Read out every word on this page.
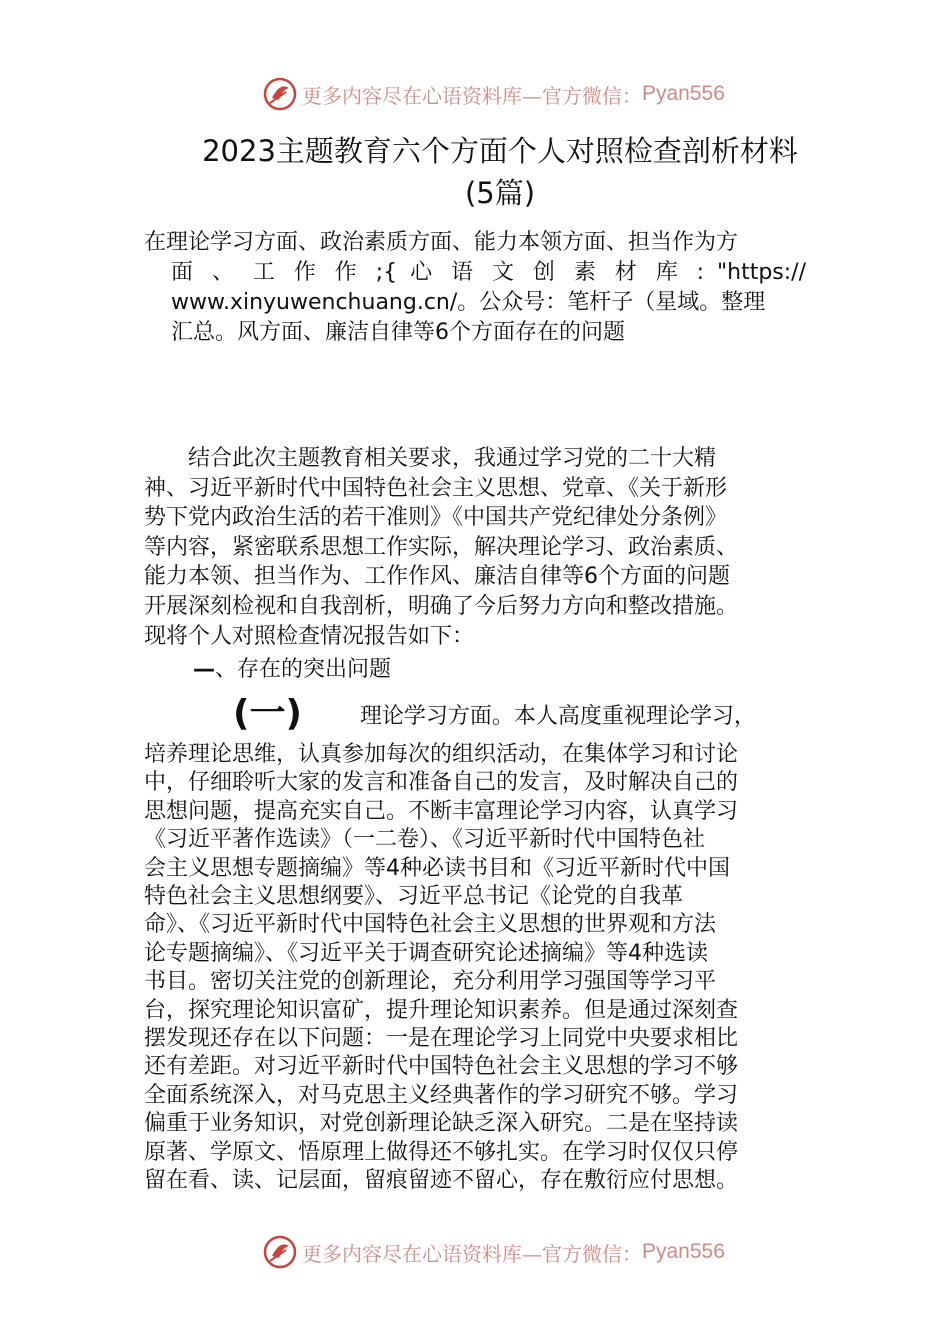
更多内容尽在心语资料库—官方微信： Pyan556
2023主题教育六个方面个人对照检查剖析材料
(5篇)
在理论学习方面、政治素质方面、能力本领方面、担当作为方
面 、 工 作 作 ;{ 心 语 文 创 素 材 库 : "https://
www.xinyuwenchuang.cn/。公众号：笔杆子（星域。整理
汇总。风方面、廉洁自律等6个方面存在的问题
　　结合此次主题教育相关要求，我通过学习党的二十大精
神、习近平新时代中国特色社会主义思想、党章、《关于新形
势下党内政治生活的若干准则》《中国共产党纪律处分条例》
等内容，紧密联系思想工作实际，解决理论学习、政治素质、
能力本领、担当作为、工作作风、廉洁自律等6个方面的问题
开展深刻检视和自我剖析，明确了今后努力方向和整改措施。
现将个人对照检查情况报告如下：
—、存在的突出问题
(一)	理论学习方面。本人高度重视理论学习，
培养理论思维，认真参加每次的组织活动，在集体学习和讨论
中，仔细聆听大家的发言和准备自己的发言，及时解决自己的
思想问题，提高充实自己。不断丰富理论学习内容，认真学习
《习近平著作选读》（一二卷）、《习近平新时代中国特色社
会主义思想专题摘编》等4种必读书目和《习近平新时代中国
特色社会主义思想纲要》、习近平总书记《论党的自我革
命》、《习近平新时代中国特色社会主义思想的世界观和方法
论专题摘编》、《习近平关于调查研究论述摘编》等4种选读
书目。密切关注党的创新理论，充分利用学习强国等学习平
台，探究理论知识富矿，提升理论知识素养。但是通过深刻查
摆发现还存在以下问题：一是在理论学习上同党中央要求相比
还有差距。对习近平新时代中国特色社会主义思想的学习不够
全面系统深入，对马克思主义经典著作的学习研究不够。学习
偏重于业务知识，对党创新理论缺乏深入研究。二是在坚持读
原著、学原文、悟原理上做得还不够扎实。在学习时仅仅只停
留在看、读、记层面，留痕留迹不留心，存在敷衍应付思想。
更多内容尽在心语资料库—官方微信： Pyan556
